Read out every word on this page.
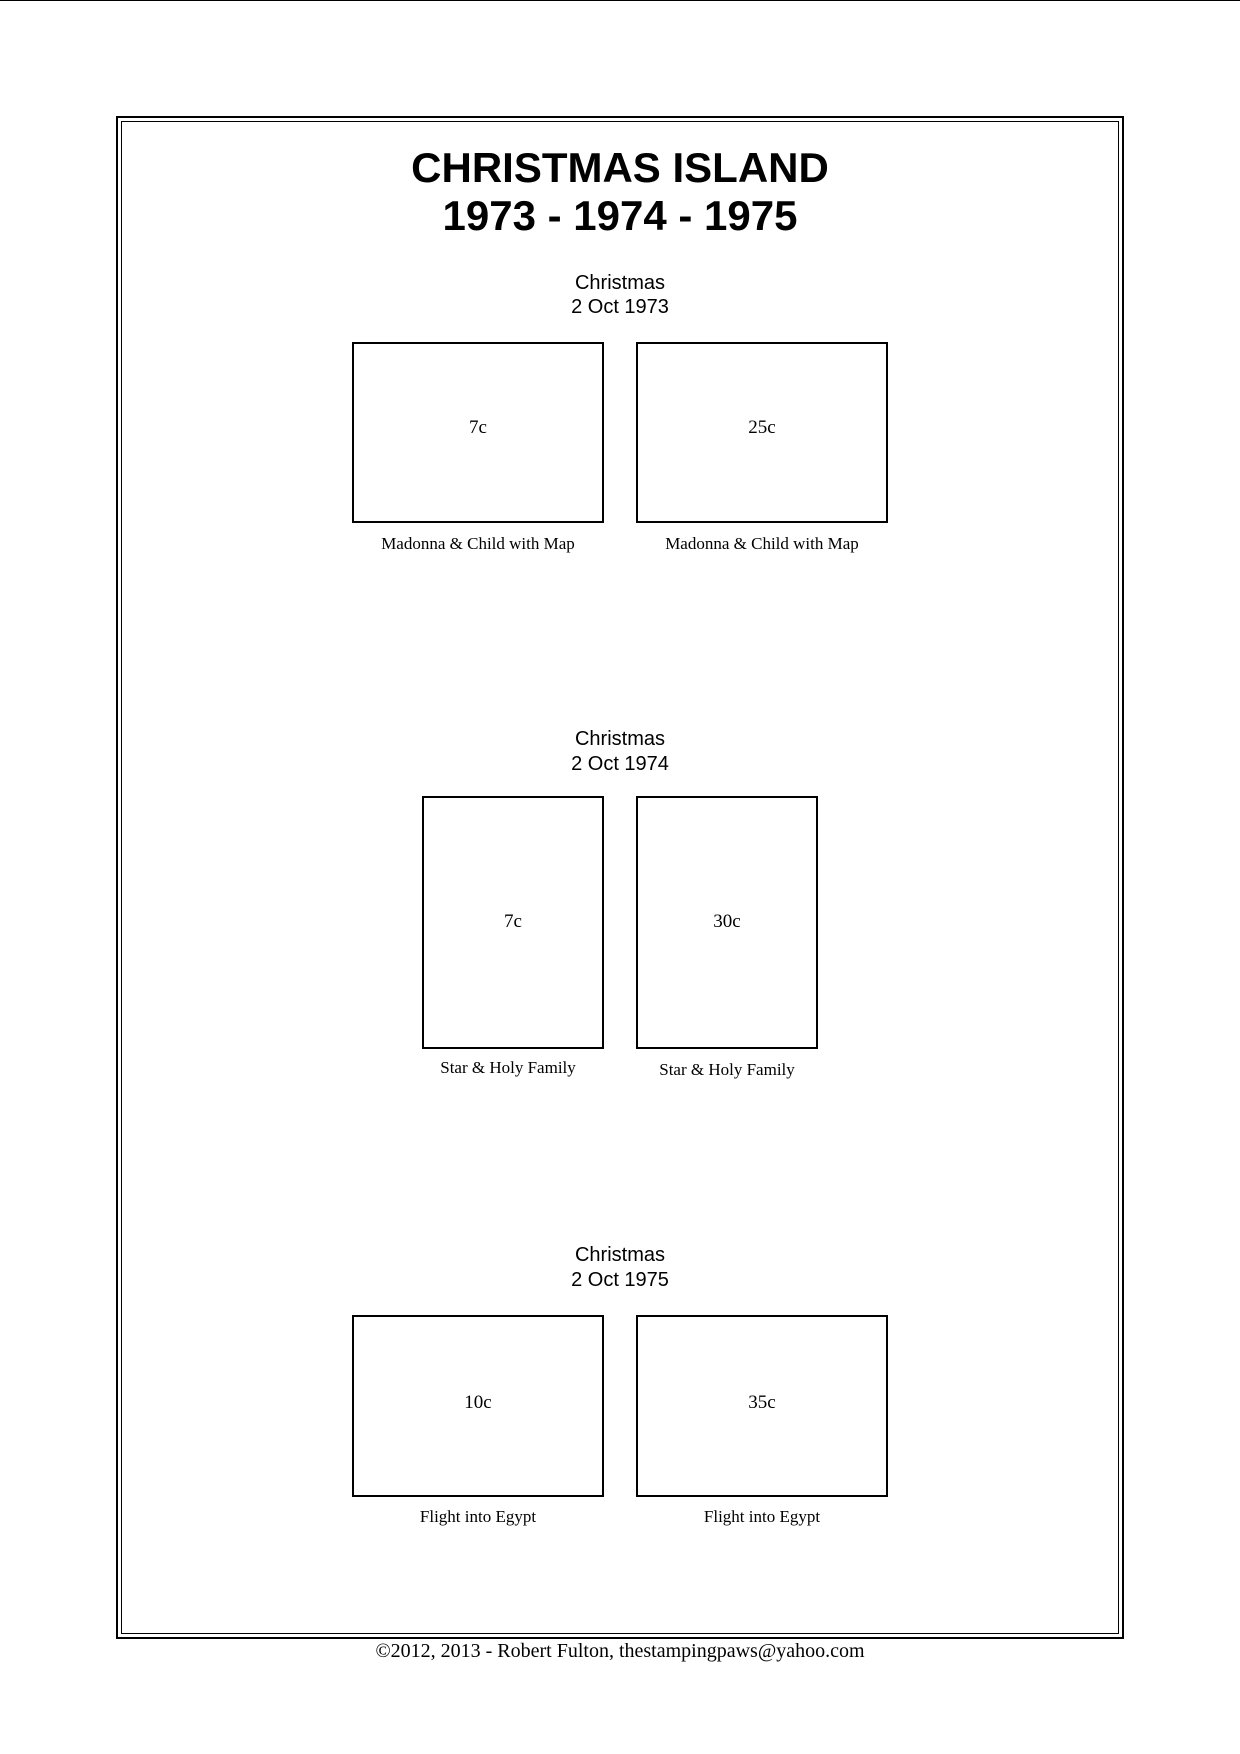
CHRISTMAS ISLAND
1973 - 1974 - 1975
Christmas
2 Oct 1973
7c	25c
Madonna & Child with Map	Madonna & Child with Map
Christmas
2 Oct 1974
7c	30c
Star & Holy Family	Star & Holy Family
Christmas
2 Oct 1975
10c	35c
Flight into Egypt	Flight into Egypt
©2012, 2013 - Robert Fulton, thestampingpaws@yahoo.com
